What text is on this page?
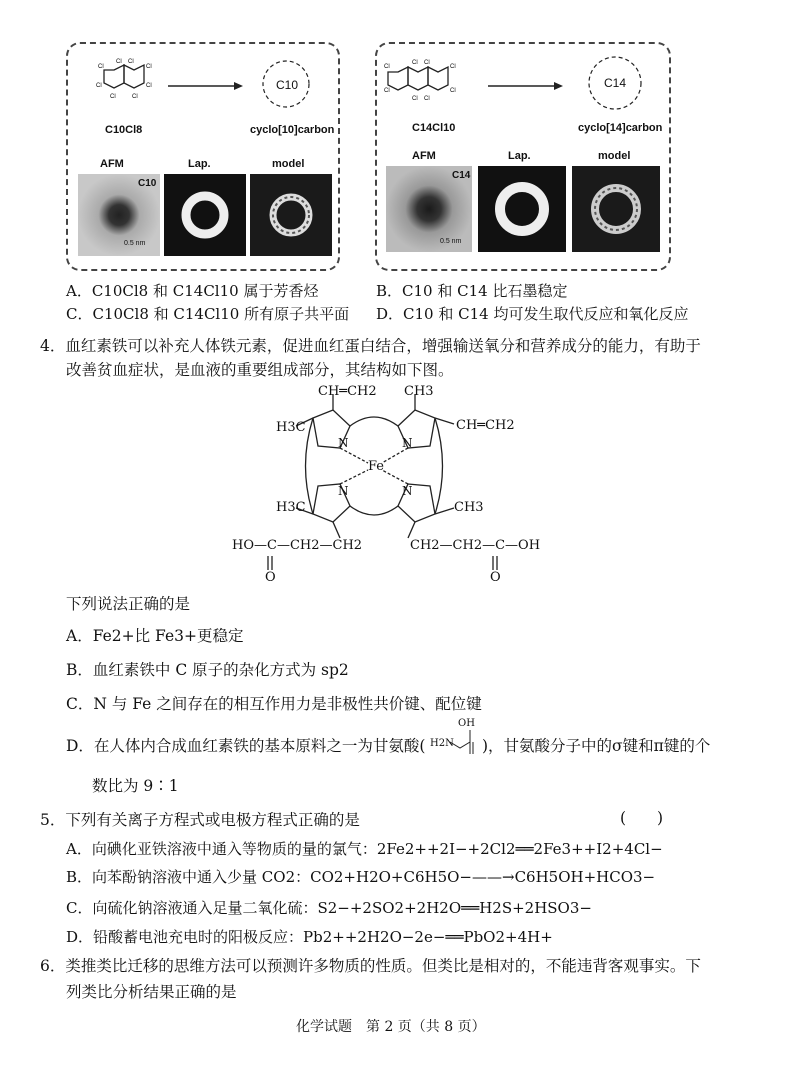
Cl	Cl
Cl	Cl
Cl Cl
Cl	Cl
C10Cl8
C10
cyclo[10]carbon
AFM	Lap.	model
C10
0.5 nm
Cl	Cl
Cl	Cl
Cl Cl
Cl Cl
C14Cl10
C14
cyclo[14]carbon
AFM	Lap.	model
C14
0.5 nm
A．C10Cl8 和 C14Cl10 属于芳香烃	B．C10 和 C14 比石墨稳定
C．C10Cl8 和 C14Cl10 所有原子共平面 D．C10 和 C14 均可发生取代反应和氧化反应
4．血红素铁可以补充人体铁元素，促进血红蛋白结合，增强输送氧分和营养成分的能力，有助于
改善贫血症状，是血液的重要组成部分，其结构如下图。
CH═CH2 CH3
H3C	CH═CH2
N	N
Fe
N	N
H3C	CH3
HO—C—CH2—CH2	CH2—CH2—C—OH
O	O
下列说法正确的是
A．Fe2+比 Fe3+更稳定
B．血红素铁中 C 原子的杂化方式为 sp2
C．N 与 Fe 之间存在的相互作用力是非极性共价键、配位键
D．在人体内合成血红素铁的基本原料之一为甘氨酸( H2N
OH
)，甘氨酸分子中的σ键和π键的个
数比为 9∶1
5．下列有关离子方程式或电极方程式正确的是	(　　)
A．向碘化亚铁溶液中通入等物质的量的氯气：2Fe2++2I−+2Cl2══2Fe3++I2+4Cl−
B．向苯酚钠溶液中通入少量 CO2：CO2+H2O+C6H5O−——→C6H5OH+HCO3−
C．向硫化钠溶液通入足量二氧化硫：S2−+2SO2+2H2O══H2S+2HSO3−
D．铅酸蓄电池充电时的阳极反应：Pb2++2H2O−2e−══PbO2+4H+
6．类推类比迁移的思维方法可以预测许多物质的性质。但类比是相对的，不能违背客观事实。下
列类比分析结果正确的是
化学试题　第 2 页（共 8 页）
